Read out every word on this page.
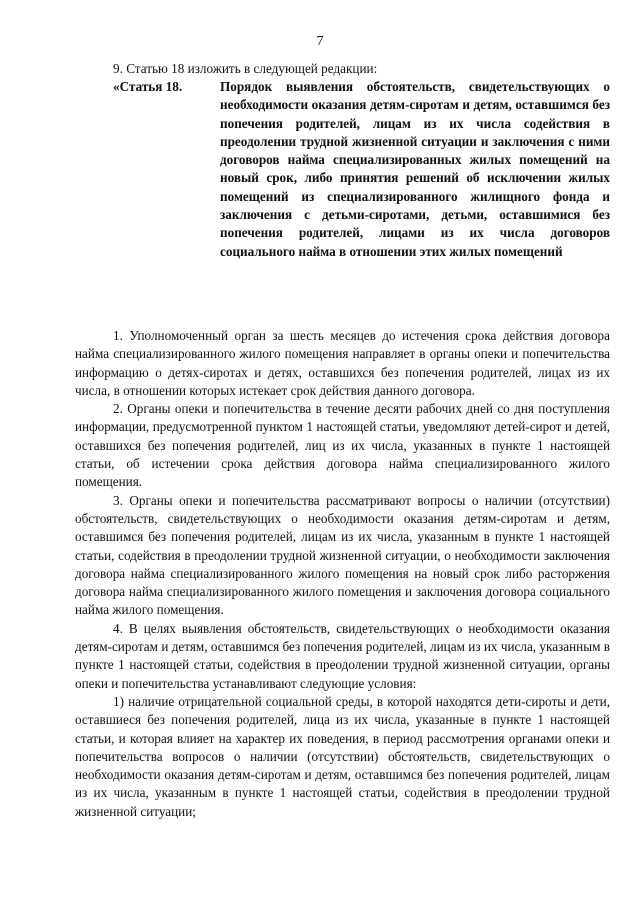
7
9. Статью 18 изложить в следующей редакции:
«Статья 18.	Порядок выявления обстоятельств, свидетельствующих о необходимости оказания детям-сиротам и детям, оставшимся без попечения родителей, лицам из их числа содействия в преодолении трудной жизненной ситуации и заключения с ними договоров найма специализированных жилых помещений на новый срок, либо принятия решений об исключении жилых помещений из специализированного жилищного фонда и заключения с детьми-сиротами, детьми, оставшимися без попечения родителей, лицами из их числа договоров социального найма в отношении этих жилых помещений

1. Уполномоченный орган за шесть месяцев до истечения срока действия договора найма специализированного жилого помещения направляет в органы опеки и попечительства информацию о детях-сиротах и детях, оставшихся без попечения родителей, лицах из их числа, в отношении которых истекает срок действия данного договора.

2. Органы опеки и попечительства в течение десяти рабочих дней со дня поступления информации, предусмотренной пунктом 1 настоящей статьи, уведомляют детей-сирот и детей, оставшихся без попечения родителей, лиц из их числа, указанных в пункте 1 настоящей статьи, об истечении срока действия договора найма специализированного жилого помещения.

3. Органы опеки и попечительства рассматривают вопросы о наличии (отсутствии) обстоятельств, свидетельствующих о необходимости оказания детям-сиротам и детям, оставшимся без попечения родителей, лицам из их числа, указанным в пункте 1 настоящей статьи, содействия в преодолении трудной жизненной ситуации, о необходимости заключения договора найма специализированного жилого помещения на новый срок либо расторжения договора найма специализированного жилого помещения и заключения договора социального найма жилого помещения.

4. В целях выявления обстоятельств, свидетельствующих о необходимости оказания детям-сиротам и детям, оставшимся без попечения родителей, лицам из их числа, указанным в пункте 1 настоящей статьи, содействия в преодолении трудной жизненной ситуации, органы опеки и попечительства устанавливают следующие условия:

1) наличие отрицательной социальной среды, в которой находятся дети-сироты и дети, оставшиеся без попечения родителей, лица из их числа, указанные в пункте 1 настоящей статьи, и которая влияет на характер их поведения, в период рассмотрения органами опеки и попечительства вопросов о наличии (отсутствии) обстоятельств, свидетельствующих о необходимости оказания детям-сиротам и детям, оставшимся без попечения родителей, лицам из их числа, указанным в пункте 1 настоящей статьи, содействия в преодолении трудной жизненной ситуации;
